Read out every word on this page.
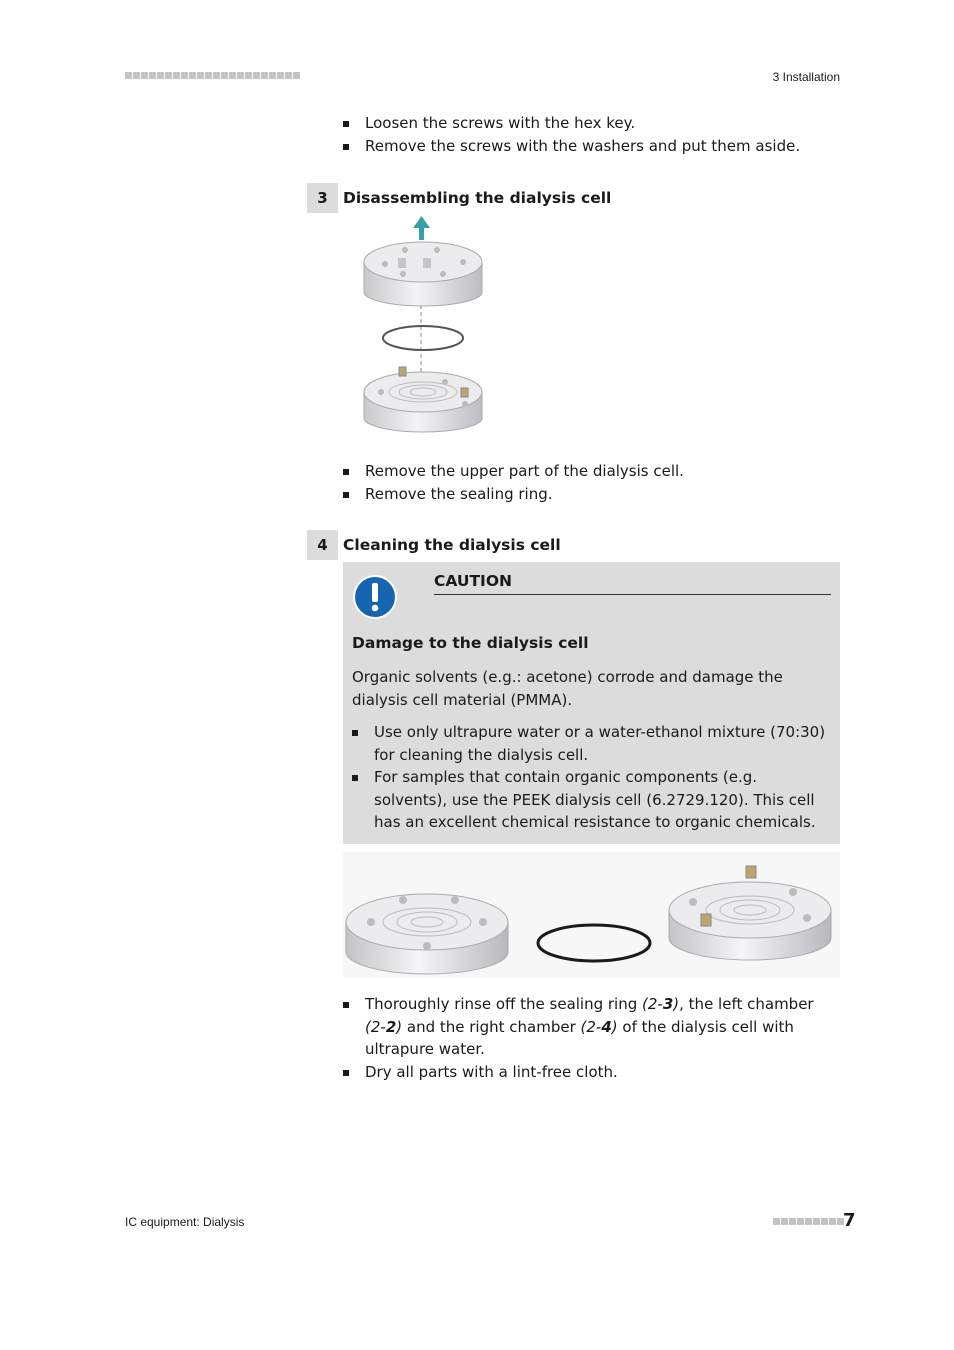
3 Installation
Loosen the screws with the hex key.
Remove the screws with the washers and put them aside.
3 Disassembling the dialysis cell
Remove the upper part of the dialysis cell.
Remove the sealing ring.
4 Cleaning the dialysis cell
CAUTION
Damage to the dialysis cell
Organic solvents (e.g.: acetone) corrode and damage the dialysis cell material (PMMA).
Use only ultrapure water or a water-ethanol mixture (70:30) for cleaning the dialysis cell.
For samples that contain organic components (e.g. solvents), use the PEEK dialysis cell (6.2729.120). This cell has an excellent chemical resistance to organic chemicals.
Thoroughly rinse off the sealing ring (2-3), the left chamber (2-2) and the right chamber (2-4) of the dialysis cell with ultrapure water.
Dry all parts with a lint-free cloth.
IC equipment: Dialysis	7
